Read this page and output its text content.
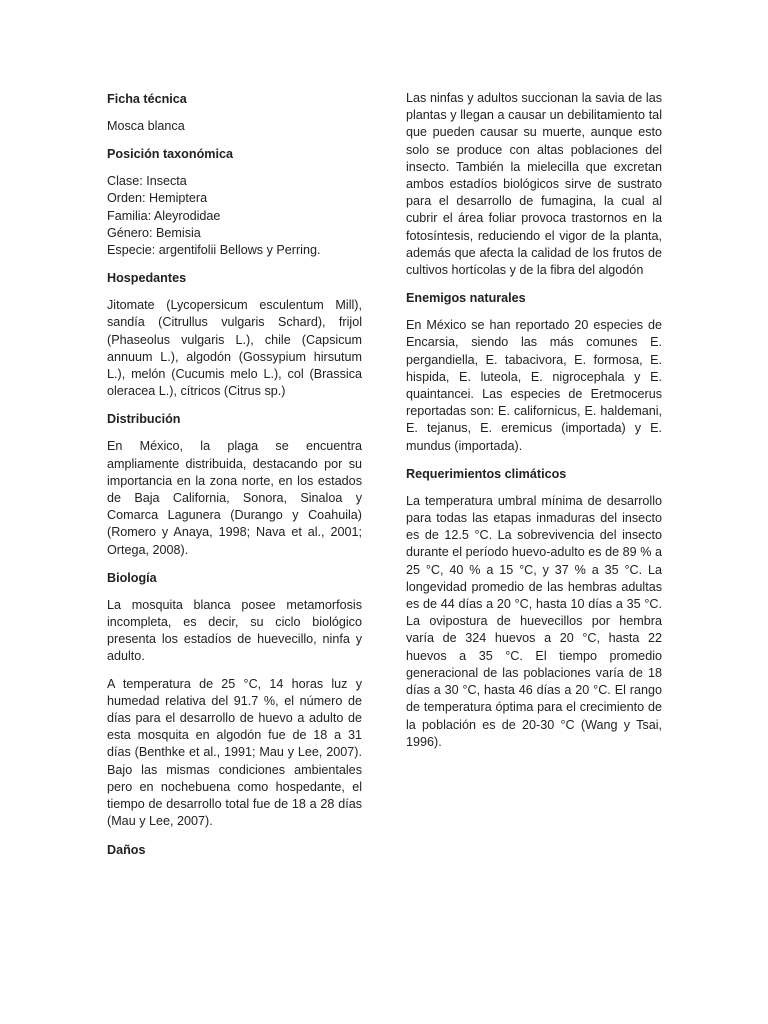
Ficha técnica
Mosca blanca
Posición taxonómica
Clase: Insecta
Orden: Hemiptera
Familia: Aleyrodidae
Género: Bemisia
Especie: argentifolii Bellows y Perring.
Hospedantes
Jitomate (Lycopersicum esculentum Mill), sandía (Citrullus vulgaris Schard), frijol (Phaseolus vulgaris L.), chile (Capsicum annuum L.), algodón (Gossypium hirsutum L.), melón (Cucumis melo L.), col (Brassica oleracea L.), cítricos (Citrus sp.)
Distribución
En México, la plaga se encuentra ampliamente distribuida, destacando por su importancia en la zona norte, en los estados de Baja California, Sonora, Sinaloa y Comarca Lagunera (Durango y Coahuila) (Romero y Anaya, 1998; Nava et al., 2001; Ortega, 2008).
Biología
La mosquita blanca posee metamorfosis incompleta, es decir, su ciclo biológico presenta los estadíos de huevecillo, ninfa y adulto.
A temperatura de 25 °C, 14 horas luz y humedad relativa del 91.7 %, el número de días para el desarrollo de huevo a adulto de esta mosquita en algodón fue de 18 a 31 días (Benthke et al., 1991; Mau y Lee, 2007). Bajo las mismas condiciones ambientales pero en nochebuena como hospedante, el tiempo de desarrollo total fue de 18 a 28 días (Mau y Lee, 2007).
Daños
Las ninfas y adultos succionan la savia de las plantas y llegan a causar un debilitamiento tal que pueden causar su muerte, aunque esto solo se produce con altas poblaciones del insecto. También la mielecilla que excretan ambos estadíos biológicos sirve de sustrato para el desarrollo de fumagina, la cual al cubrir el área foliar provoca trastornos en la fotosíntesis, reduciendo el vigor de la planta, además que afecta la calidad de los frutos de cultivos hortícolas y de la fibra del algodón
Enemigos naturales
En México se han reportado 20 especies de Encarsia, siendo las más comunes E. pergandiella, E. tabacivora, E. formosa, E. hispida, E. luteola, E. nigrocephala y E. quaintancei. Las especies de Eretmocerus reportadas son: E. californicus, E. haldemani, E. tejanus, E. eremicus (importada) y E. mundus (importada).
Requerimientos climáticos
La temperatura umbral mínima de desarrollo para todas las etapas inmaduras del insecto es de 12.5 °C. La sobrevivencia del insecto durante el período huevo-adulto es de 89 % a 25 °C, 40 % a 15 °C, y 37 % a 35 °C. La longevidad promedio de las hembras adultas es de 44 días a 20 °C, hasta 10 días a 35 °C. La ovipostura de huevecillos por hembra varía de 324 huevos a 20 °C, hasta 22 huevos a 35 °C. El tiempo promedio generacional de las poblaciones varía de 18 días a 30 °C, hasta 46 días a 20 °C. El rango de temperatura óptima para el crecimiento de la población es de 20-30 °C (Wang y Tsai, 1996).
